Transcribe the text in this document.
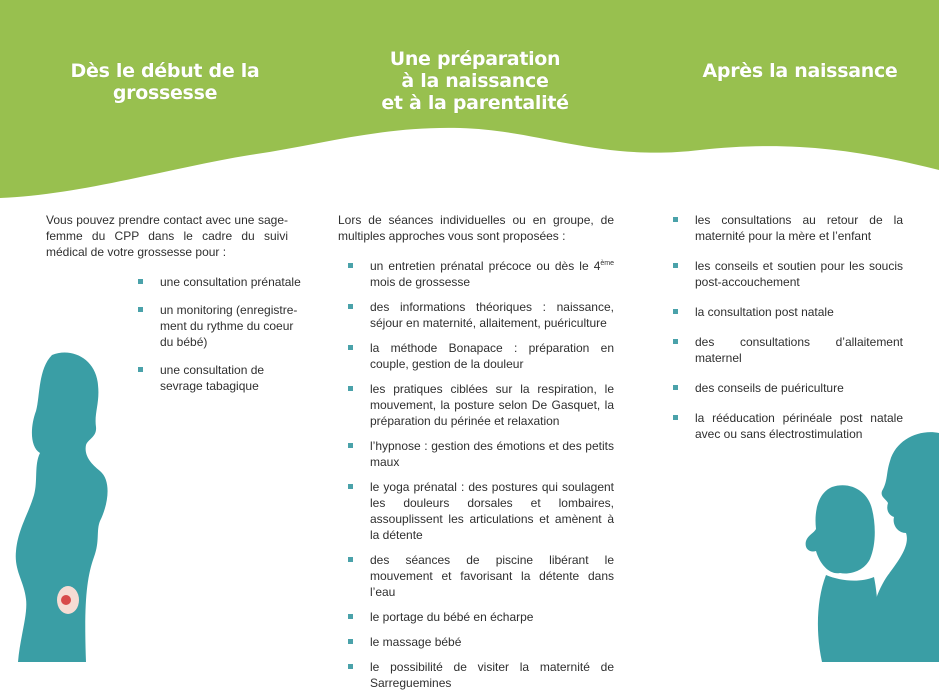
Dès le début de la grossesse
Une préparation
à la naissance
et à la parentalité
Après la naissance
Vous pouvez prendre contact avec une sage-femme du CPP dans le cadre du suivi médical de votre grossesse pour :
une consultation prénatale
un monitoring (enregistrement du rythme du coeur du bébé)
une consultation de sevrage tabagique
Lors de séances individuelles ou en groupe, de multiples approches vous sont proposées :
un entretien prénatal précoce ou dès le 4ème mois de grossesse
des informations théoriques : naissance, séjour en maternité, allaitement, puériculture
la méthode Bonapace : préparation en couple, gestion de la douleur
les pratiques ciblées sur la respiration, le mouvement, la posture selon De Gasquet, la préparation du périnée et relaxation
l’hypnose : gestion des émotions et des petits maux
le yoga prénatal : des postures qui soulagent les douleurs dorsales et lombaires, assouplissent les articulations et amènent à la détente
des séances de piscine libérant le mouvement et favorisant la détente dans l’eau
le portage du bébé en écharpe
le massage bébé
le possibilité de visiter la maternité de Sarreguemines
les consultations au retour de la maternité pour la mère et l’enfant
les conseils et soutien pour les soucis post-accouchement
la consultation post natale
des consultations d’allaitement maternel
des conseils de puériculture
la rééducation périnéale post natale avec ou sans électrostimulation
